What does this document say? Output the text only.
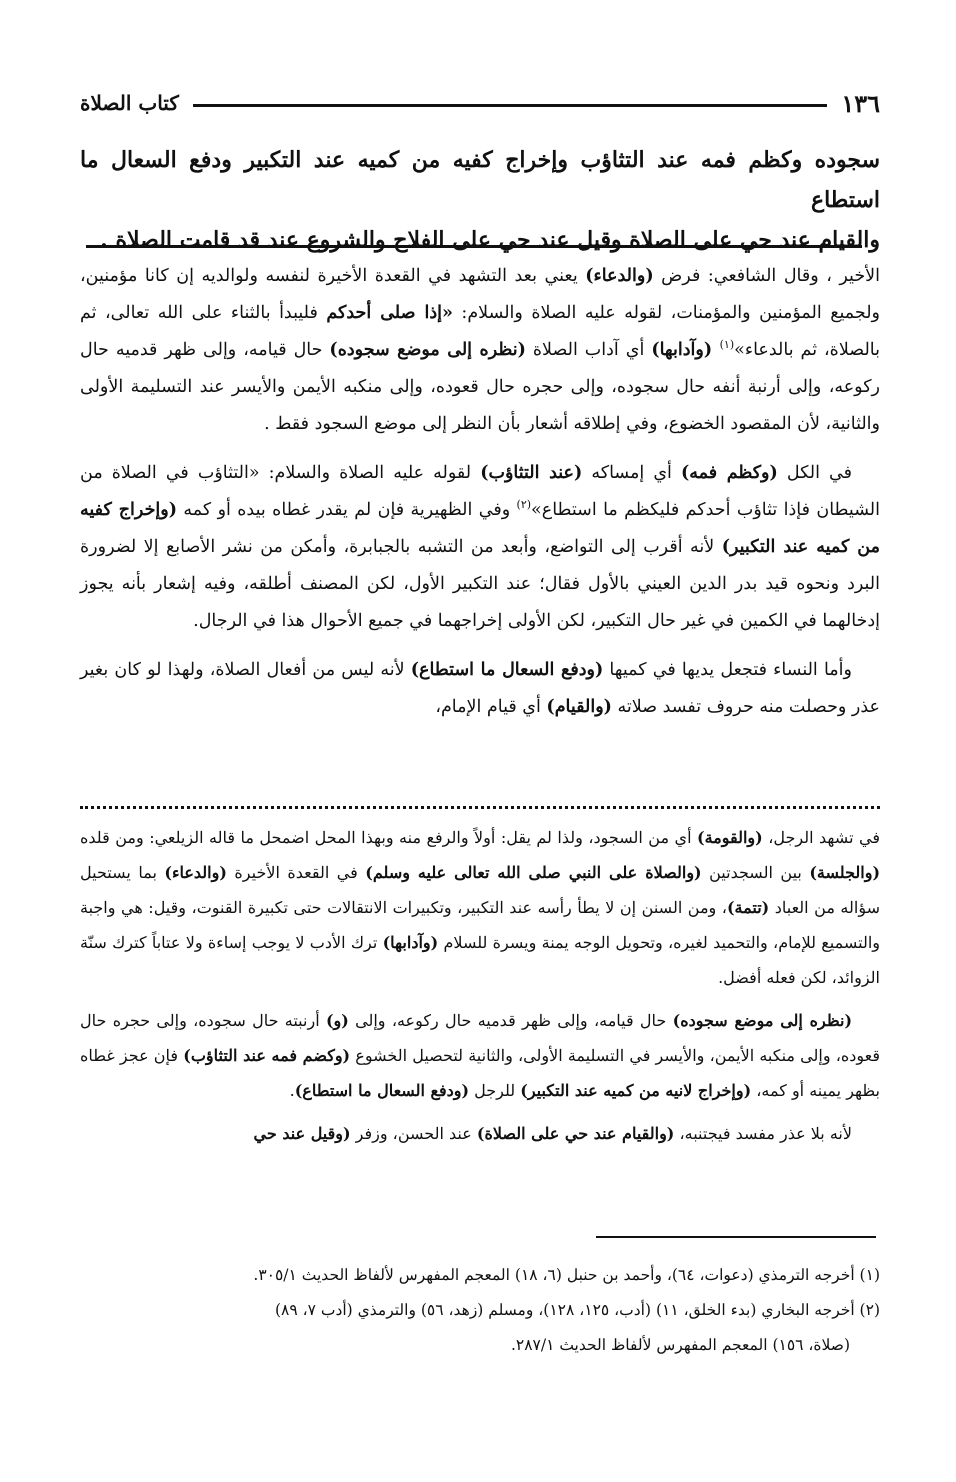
١٣٦
كتاب الصلاة
سجوده وكظم فمه عند التثاؤب وإخراج كفيه من كميه عند التكبير ودفع السعال ما استطاع
والقيام عند حي على الصلاة وقيل عند حي على الفلاح والشروع عند قد قامت الصلاة .

الأخير ، وقال الشافعي: فرض (والدعاء) يعني بعد التشهد في القعدة الأخيرة لنفسه ولوالديه إن كانا مؤمنين، ولجميع المؤمنين والمؤمنات، لقوله عليه الصلاة والسلام: «إذا صلى أحدكم فليبدأ بالثناء على الله تعالى، ثم بالصلاة، ثم بالدعاء»$^{(١)}$ (وآدابها) أي آداب الصلاة (نظره إلى موضع سجوده) حال قيامه، وإلى ظهر قدميه حال ركوعه، وإلى أرنبة أنفه حال سجوده، وإلى حجره حال قعوده، وإلى منكبه الأيمن والأيسر عند التسليمة الأولى والثانية، لأن المقصود الخضوع، وفي إطلاقه أشعار بأن النظر إلى موضع السجود فقط .

في الكل (وكظم فمه) أي إمساكه (عند التثاؤب) لقوله عليه الصلاة والسلام: «التثاؤب في الصلاة من الشيطان فإذا تثاؤب أحدكم فليكظم ما استطاع»$^{(٢)}$ وفي الظهيرية فإن لم يقدر غطاه بيده أو كمه (وإخراج كفيه من كميه عند التكبير) لأنه أقرب إلى التواضع، وأبعد من التشبه بالجبابرة، وأمكن من نشر الأصابع إلا لضرورة البرد ونحوه قيد بدر الدين العيني بالأول فقال؛ عند التكبير الأول، لكن المصنف أطلقه، وفيه إشعار بأنه يجوز إدخالهما في الكمين في غير حال التكبير، لكن الأولى إخراجهما في جميع الأحوال هذا في الرجال.

وأما النساء فتجعل يديها في كميها (ودفع السعال ما استطاع) لأنه ليس من أفعال الصلاة، ولهذا لو كان بغير عذر وحصلت منه حروف تفسد صلاته (والقيام) أي قيام الإمام،

في تشهد الرجل، (والقومة) أي من السجود، ولذا لم يقل: أولاً والرفع منه وبهذا المحل اضمحل ما قاله الزيلعي: ومن قلده (والجلسة) بين السجدتين (والصلاة على النبي صلى الله تعالى عليه وسلم) في القعدة الأخيرة (والدعاء) بما يستحيل سؤاله من العباد (تتمة)، ومن السنن إن لا يطأ رأسه عند التكبير، وتكبيرات الانتقالات حتى تكبيرة القنوت، وقيل: هي واجبة والتسميع للإمام، والتحميد لغيره، وتحويل الوجه يمنة ويسرة للسلام (وآدابها) ترك الأدب لا يوجب إساءة ولا عتاباً كترك سنّة الزوائد، لكن فعله أفضل.

(نظره إلى موضع سجوده) حال قيامه، وإلى ظهر قدميه حال ركوعه، وإلى (و) أرنبته حال سجوده، وإلى حجره حال قعوده، وإلى منكبه الأيمن، والأيسر في التسليمة الأولى، والثانية لتحصيل الخشوع (وكضم فمه عند التثاؤب) فإن عجز غطاه بظهر يمينه أو كمه، (وإخراج لانيه من كميه عند التكبير) للرجل (ودفع السعال ما استطاع).

لأنه بلا عذر مفسد فيجتنبه، (والقيام عند حي على الصلاة) عند الحسن، وزفر (وقيل عند حي

(١) أخرجه الترمذي (دعوات، ٦٤)، وأحمد بن حنبل (٦، ١٨) المعجم المفهرس لألفاظ الحديث ٣٠٥/١.

(٢) أخرجه البخاري (بدء الخلق، ١١) (أدب، ١٢٥، ١٢٨)، ومسلم (زهد، ٥٦) والترمذي (أدب ٧، ٨٩)

(صلاة، ١٥٦) المعجم المفهرس لألفاظ الحديث ٢٨٧/١.
